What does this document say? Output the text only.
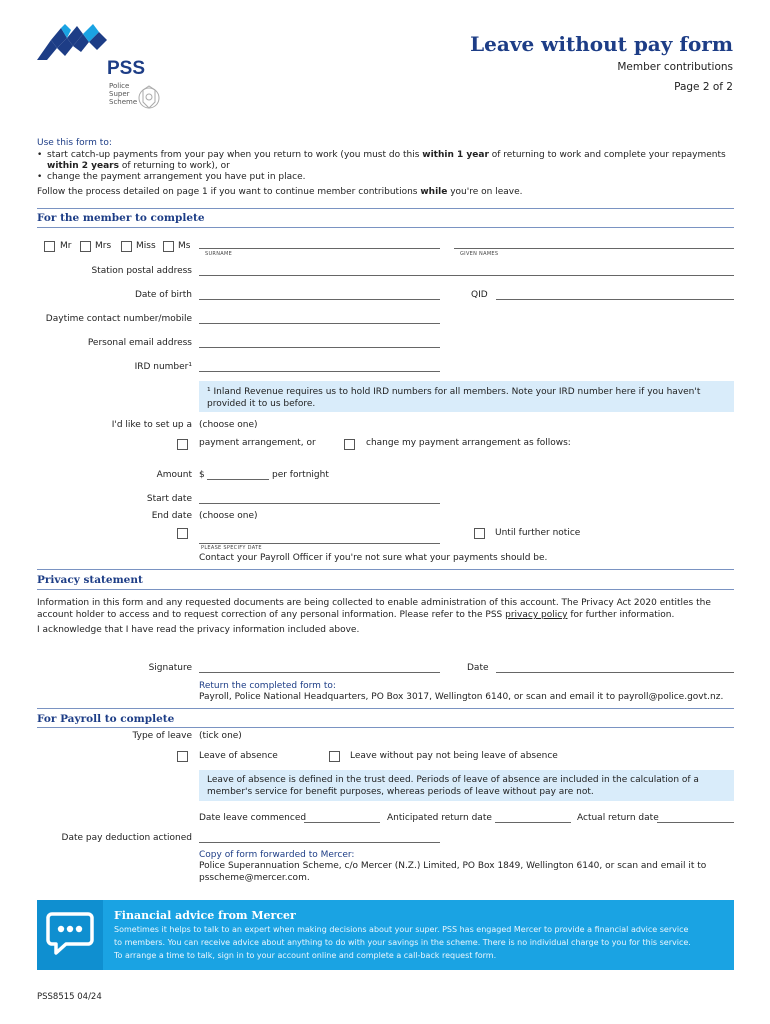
PSS
Police
Super
Scheme
Leave without pay form
Member contributions
Page 2 of 2
Use this form to:
• start catch-up payments from your pay when you return to work (you must do this within 1 year of returning to work and complete your repayments
within 2 years of returning to work), or
• change the payment arrangement you have put in place.
Follow the process detailed on page 1 if you want to continue member contributions while you're on leave.
For the member to complete
Mr	Mrs	Miss Ms
SURNAME	GIVEN NAMES
Station postal address
Date of birth	QID
Daytime contact number/mobile
Personal email address
IRD number¹
¹ Inland Revenue requires us to hold IRD numbers for all members. Note your IRD number here if you haven't provided it to us before.
I'd like to set up a (choose one)
payment arrangement, or	change my payment arrangement as follows:
Amount $	per fortnight
Start date
End date (choose one)
PLEASE SPECIFY DATE
Until further notice
Contact your Payroll Officer if you're not sure what your payments should be.
Privacy statement
Information in this form and any requested documents are being collected to enable administration of this account. The Privacy Act 2020 entitles the account holder to access and to request correction of any personal information. Please refer to the PSS privacy policy for further information.
I acknowledge that I have read the privacy information included above.
Signature	Date
Return the completed form to:
Payroll, Police National Headquarters, PO Box 3017, Wellington 6140, or scan and email it to payroll@police.govt.nz.
For Payroll to complete
Type of leave (tick one)
Leave of absence	Leave without pay not being leave of absence
Leave of absence is defined in the trust deed. Periods of leave of absence are included in the calculation of a member's service for benefit purposes, whereas periods of leave without pay are not.
Date leave commenced	Anticipated return date	Actual return date
Date pay deduction actioned
Copy of form forwarded to Mercer:
Police Superannuation Scheme, c/o Mercer (N.Z.) Limited, PO Box 1849, Wellington 6140, or scan and email it to
psscheme@mercer.com.
Financial advice from Mercer
Sometimes it helps to talk to an expert when making decisions about your super. PSS has engaged Mercer to provide a financial advice service
to members. You can receive advice about anything to do with your savings in the scheme. There is no individual charge to you for this service.
To arrange a time to talk, sign in to your account online and complete a call-back request form.
PSS8515 04/24
